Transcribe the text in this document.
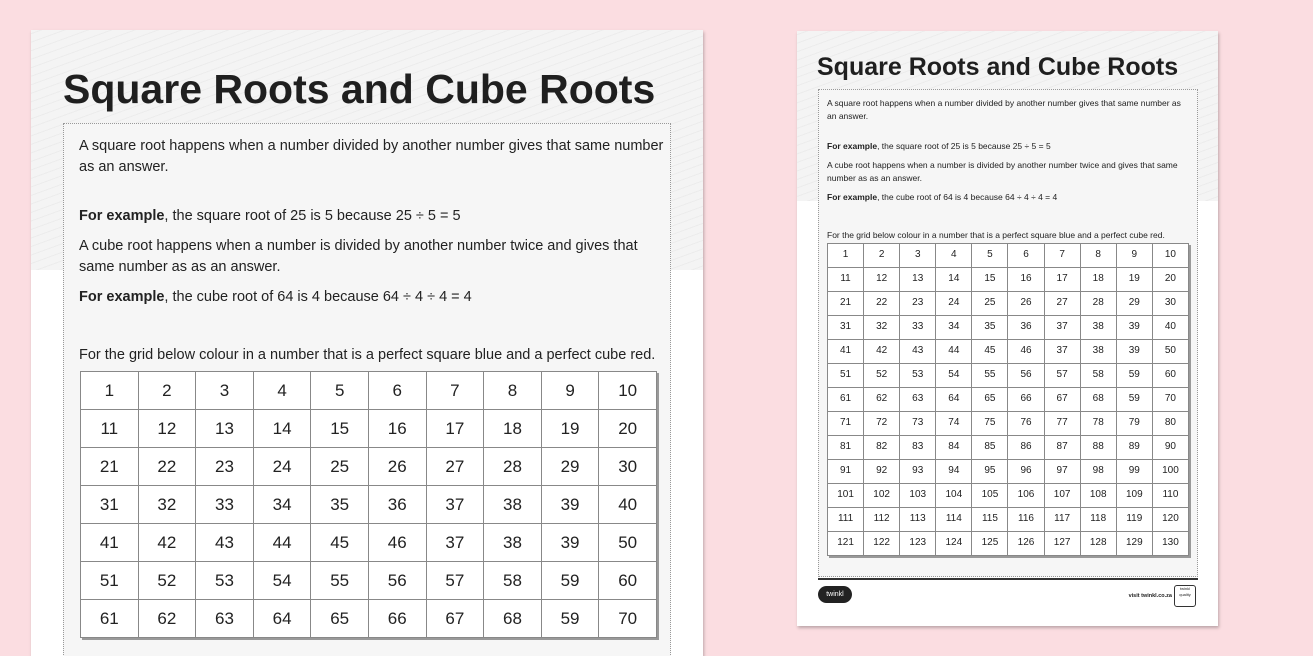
Square Roots and Cube Roots

A square root happens when a number divided by another number gives that same number as an answer.

For example, the square root of 25 is 5 because 25 ÷ 5 = 5

A cube root happens when a number is divided by another number twice and gives that same number as as an answer.

For example, the cube root of 64 is 4 because 64 ÷ 4 ÷ 4 = 4

For the grid below colour in a number that is a perfect square blue and a perfect cube red.

1	2	3	4	5	6	7	8	9	10
11	12	13	14	15	16	17	18	19	20
21	22	23	24	25	26	27	28	29	30
31	32	33	34	35	36	37	38	39	40
41	42	43	44	45	46	37	38	39	50
51	52	53	54	55	56	57	58	59	60
61	62	63	64	65	66	67	68	59	70
Square Roots and Cube Roots

A square root happens when a number divided by another number gives that same number as an answer.

For example, the square root of 25 is 5 because 25 ÷ 5 = 5

A cube root happens when a number is divided by another number twice and gives that same number as as an answer.

For example, the cube root of 64 is 4 because 64 ÷ 4 ÷ 4 = 4

For the grid below colour in a number that is a perfect square blue and a perfect cube red.

1	2	3	4	5	6	7	8	9	10
11	12	13	14	15	16	17	18	19	20
21	22	23	24	25	26	27	28	29	30
31	32	33	34	35	36	37	38	39	40
41	42	43	44	45	46	37	38	39	50
51	52	53	54	55	56	57	58	59	60
61	62	63	64	65	66	67	68	59	70
71	72	73	74	75	76	77	78	79	80
81	82	83	84	85	86	87	88	89	90
91	92	93	94	95	96	97	98	99	100
101	102	103	104	105	106	107	108	109	110
111	112	113	114	115	116	117	118	119	120
121	122	123	124	125	126	127	128	129	130
twinkl	visit twinkl.co.za
twinkl quality
